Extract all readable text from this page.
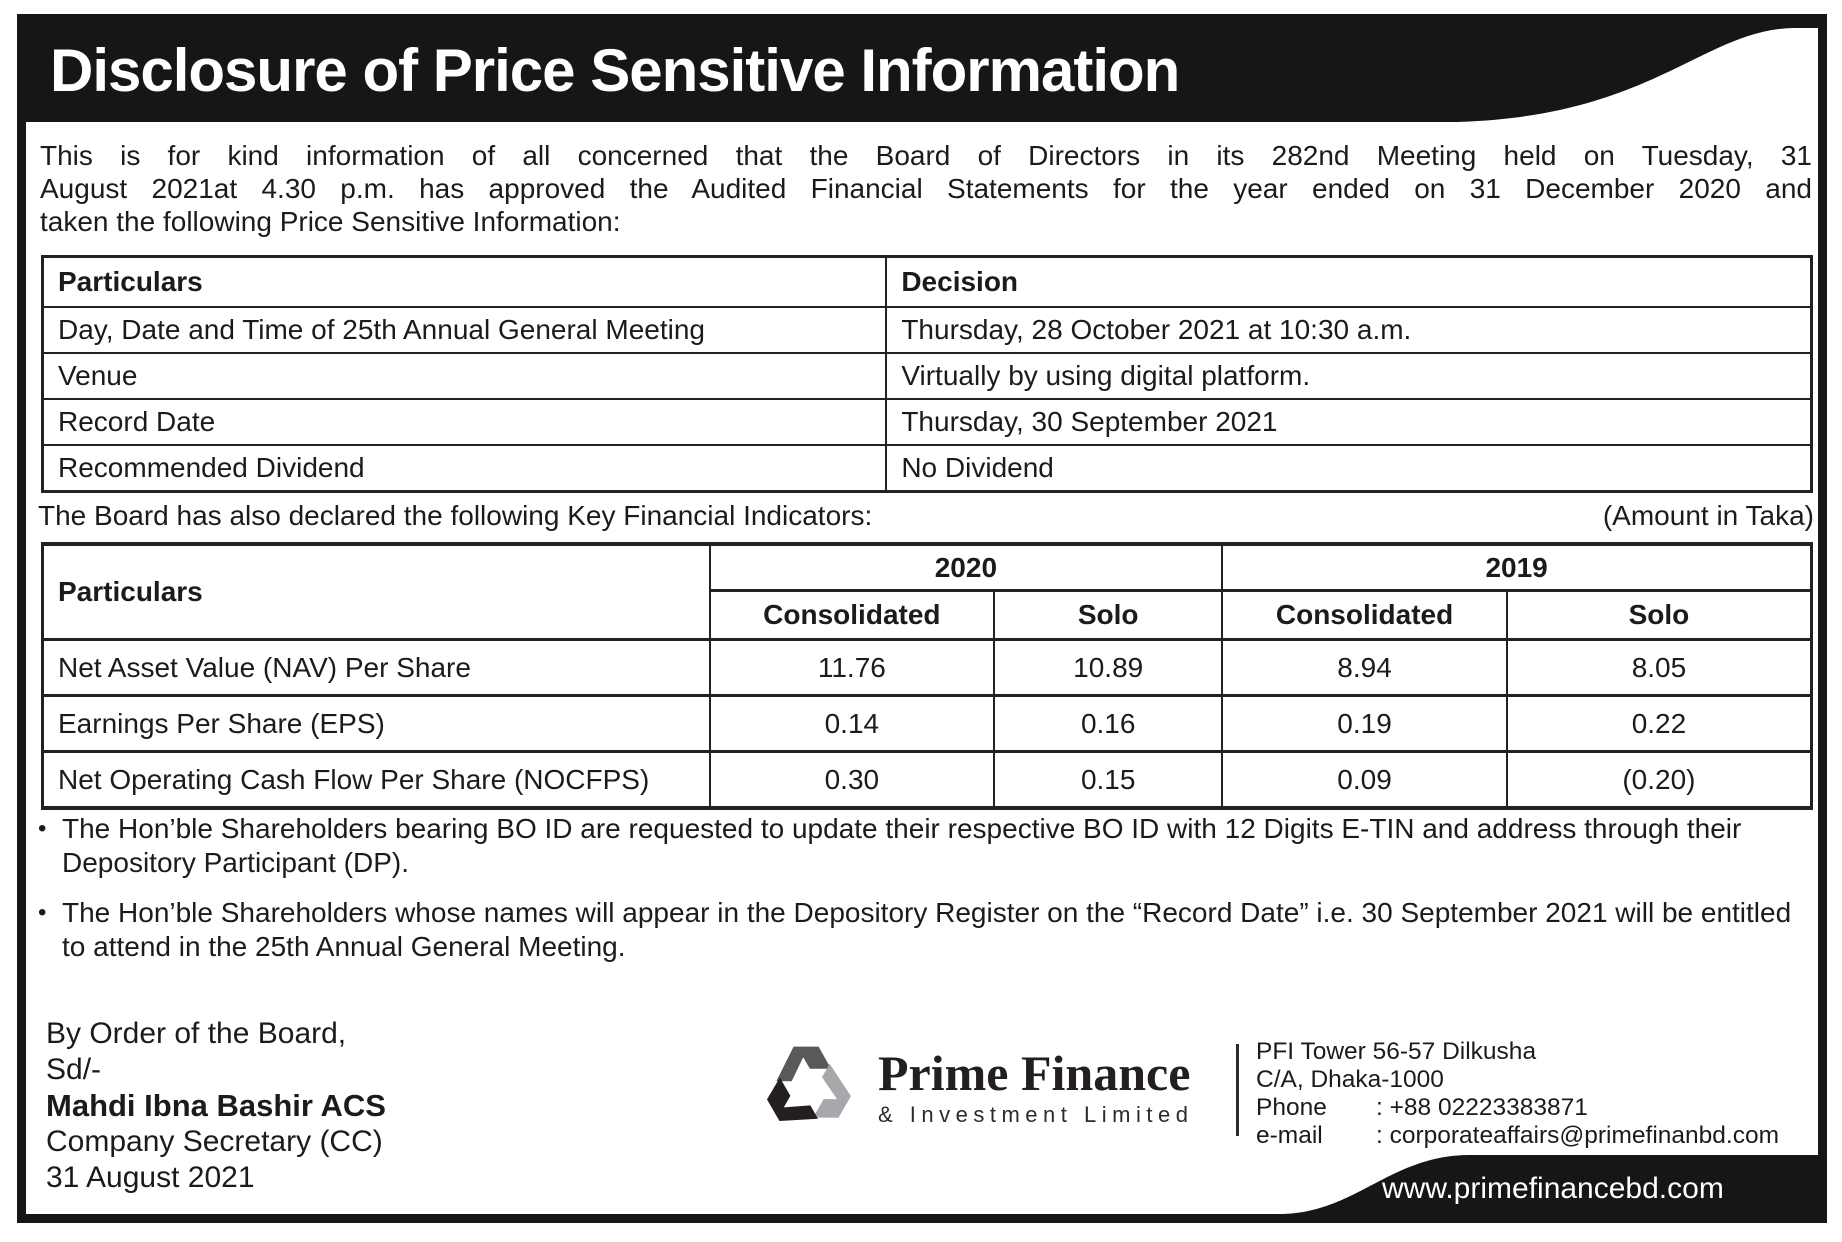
Disclosure of Price Sensitive Information
This is for kind information of all concerned that the Board of Directors in its 282nd Meeting held on Tuesday, 31
August 2021at 4.30 p.m. has approved the Audited Financial Statements for the year ended on 31 December 2020 and
taken the following Price Sensitive Information:
Particulars	Decision
Day, Date and Time of 25th Annual General Meeting	Thursday, 28 October 2021 at 10:30 a.m.
Venue	Virtually by using digital platform.
Record Date	Thursday, 30 September 2021
Recommended Dividend	No Dividend
The Board has also declared the following Key Financial Indicators:	(Amount in Taka)
Particulars	2020		2019	
	Consolidated	Solo	Consolidated	Solo
Net Asset Value (NAV) Per Share	11.76	10.89	8.94	8.05
Earnings Per Share (EPS)	0.14	0.16	0.19	0.22
Net Operating Cash Flow Per Share (NOCFPS)	0.30	0.15	0.09	(0.20)
• The Hon’ble Shareholders bearing BO ID are requested to update their respective BO ID with 12 Digits E-TIN and address through their Depository Participant (DP).
• The Hon’ble Shareholders whose names will appear in the Depository Register on the “Record Date” i.e. 30 September 2021 will be entitled to attend in the 25th Annual General Meeting.
By Order of the Board,
Sd/-
Mahdi Ibna Bashir ACS
Company Secretary (CC)
31 August 2021
Prime Finance
& Investment Limited
PFI Tower 56-57 Dilkusha
C/A, Dhaka-1000
Phone : +88 02223383871
e-mail : corporateaffairs@primefinanbd.com
www.primefinancebd.com
